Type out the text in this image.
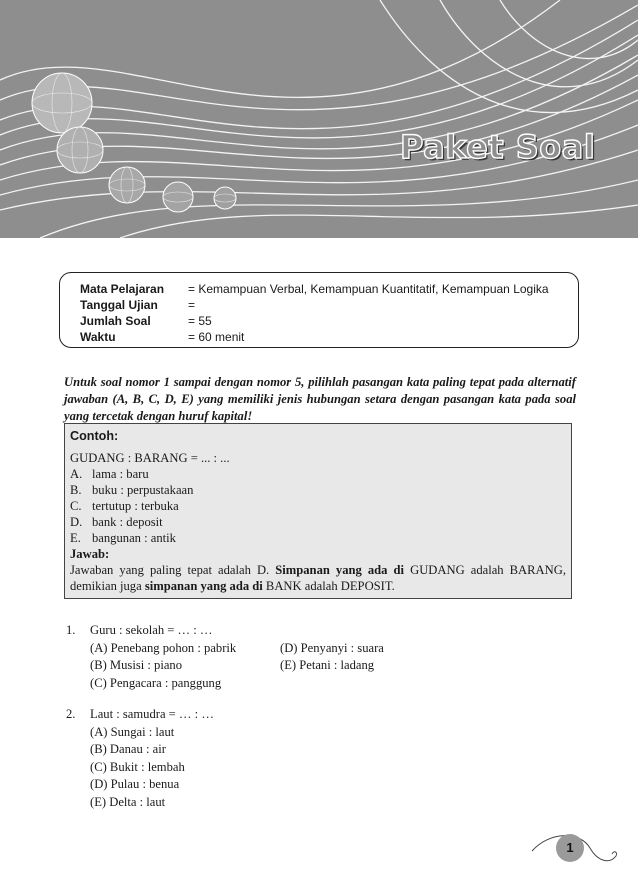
Paket Soal
Mata Pelajaran	= Kemampuan Verbal, Kemampuan Kuantitatif, Kemampuan Logika
Tanggal Ujian	=
Jumlah Soal	= 55
Waktu	= 60 menit

Untuk soal nomor 1 sampai dengan nomor 5, pilihlah pasangan kata paling tepat pada alternatif jawaban (A, B, C, D, E) yang memiliki jenis hubungan setara dengan pasangan kata pada soal yang tercetak dengan huruf kapital!

Contoh:
GUDANG : BARANG = ... : ...
A. lama : baru
B. buku : perpustakaan
C. tertutup : terbuka
D. bank : deposit
E. bangunan : antik
Jawab:
Jawaban yang paling tepat adalah D. Simpanan yang ada di GUDANG adalah BARANG, demikian juga simpanan yang ada di BANK adalah DEPOSIT.
1.	Guru : sekolah = … : …
(A) Penebang pohon : pabrik	(D) Penyanyi : suara
(B) Musisi : piano	(E) Petani : ladang
(C) Pengacara : panggung
2.	Laut : samudra = … : …
(A) Sungai : laut
(B) Danau : air
(C) Bukit : lembah
(D) Pulau : benua
(E) Delta : laut
1
